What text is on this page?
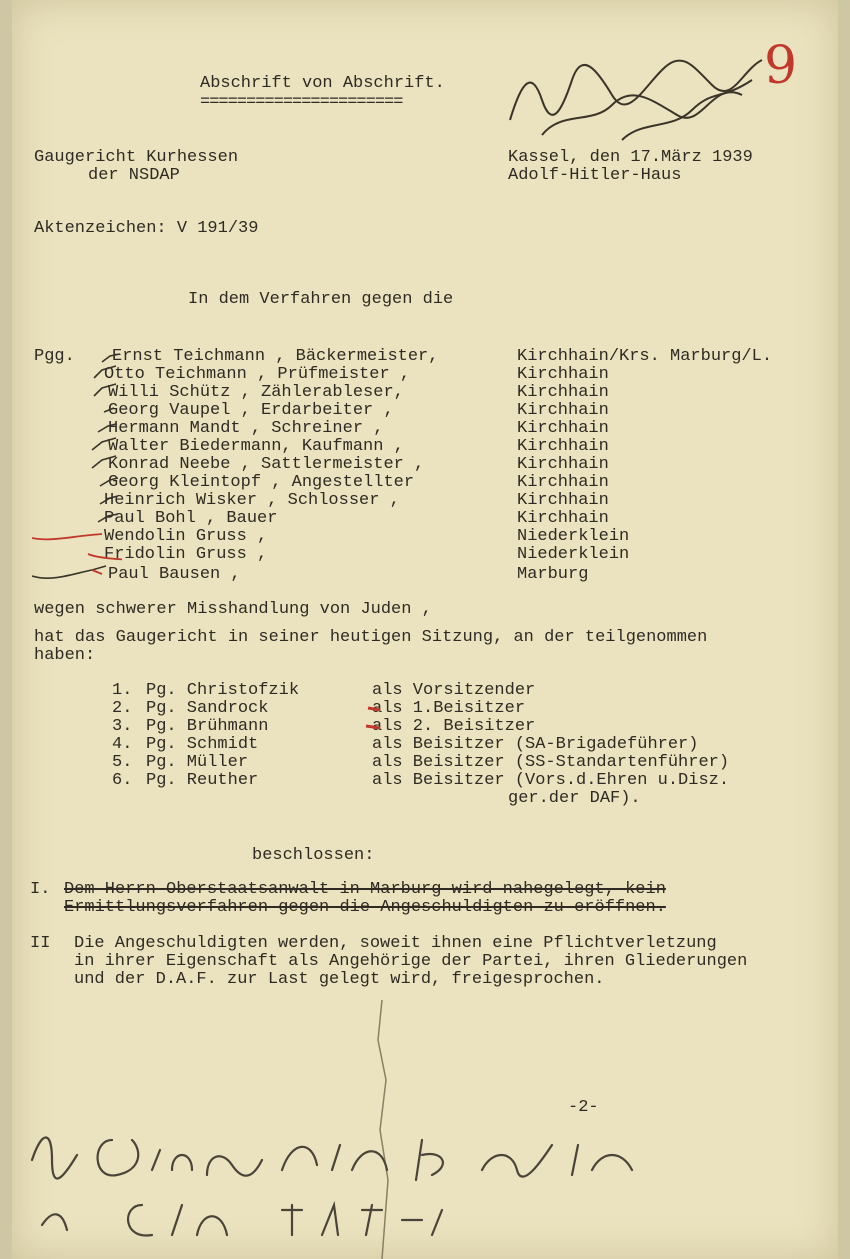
Abschrift von Abschrift.
======================
9
Gaugericht Kurhessen
der NSDAP
Kassel, den 17.März 1939
Adolf-Hitler-Haus
Aktenzeichen: V 191/39
In dem Verfahren gegen die
Pgg. Ernst Teichmann , Bäckermeister,	Kirchhain/Krs. Marburg/L.
Otto Teichmann , Prüfmeister ,	Kirchhain
Willi Schütz , Zählerableser,	Kirchhain
Georg Vaupel , Erdarbeiter ,	Kirchhain
Hermann Mandt , Schreiner ,	Kirchhain
Walter Biedermann, Kaufmann ,	Kirchhain
Konrad Neebe , Sattlermeister ,	Kirchhain
Georg Kleintopf , Angestellter	Kirchhain
Heinrich Wisker , Schlosser ,	Kirchhain
Paul Bohl , Bauer	Kirchhain
Wendolin Gruss ,	Niederklein
Fridolin Gruss ,	Niederklein
Paul Bausen ,	Marburg
wegen schwerer Misshandlung von Juden ,
hat das Gaugericht in seiner heutigen Sitzung, an der teilgenommen
haben:
1. Pg. Christofzik	als Vorsitzender
2. Pg. Sandrock	als 1.Beisitzer
3. Pg. Brühmann	als 2. Beisitzer
4. Pg. Schmidt	als Beisitzer (SA-Brigadeführer)
5. Pg. Müller	als Beisitzer (SS-Standartenführer)
6. Pg. Reuther	als Beisitzer (Vors.d.Ehren u.Disz.
ger.der DAF).
beschlossen:
I. Dem Herrn Oberstaatsanwalt in Marburg wird nahegelegt, kein
Ermittlungsverfahren gegen die Angeschuldigten zu eröffnen.
II Die Angeschuldigten werden, soweit ihnen eine Pflichtverletzung
in ihrer Eigenschaft als Angehörige der Partei, ihren Gliederungen
und der D.A.F. zur Last gelegt wird, freigesprochen.
-2-
